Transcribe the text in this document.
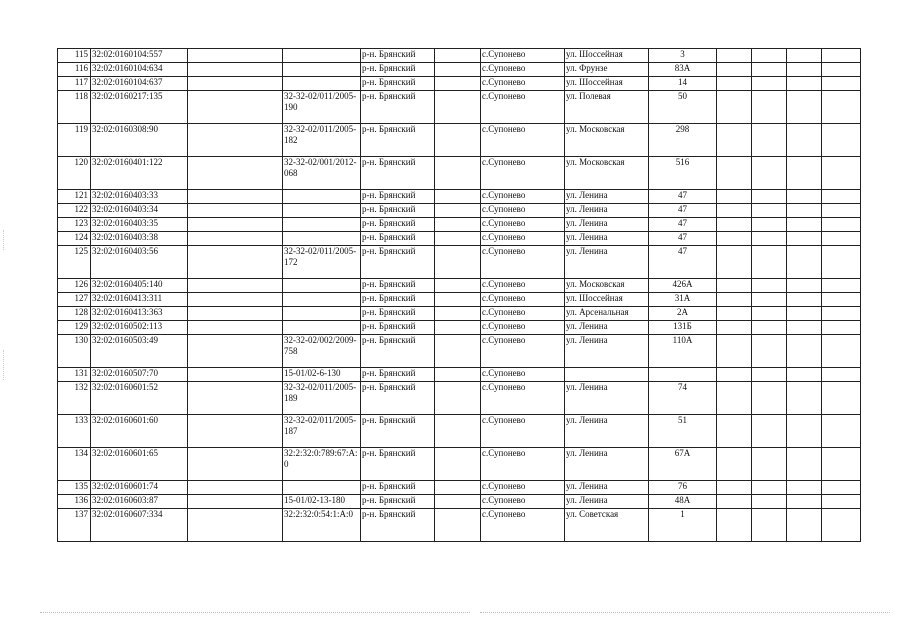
115	32:02:0160104:557			р-н. Брянский		с.Супонево	ул. Шоссейная	3				
116	32:02:0160104:634			р-н. Брянский		с.Супонево	ул. Фрунзе	83А				
117	32:02:0160104:637			р-н. Брянский		с.Супонево	ул. Шоссейная	14				
118	32:02:0160217:135		32-32-02/011/2005-190	р-н. Брянский		с.Супонево	ул. Полевая	50				
119	32:02:0160308:90		32-32-02/011/2005-182	р-н. Брянский		с.Супонево	ул. Московская	298				
120	32:02:0160401:122		32-32-02/001/2012-068	р-н. Брянский		с.Супонево	ул. Московская	516				
121	32:02:0160403:33			р-н. Брянский		с.Супонево	ул. Ленина	47				
122	32:02:0160403:34			р-н. Брянский		с.Супонево	ул. Ленина	47				
123	32:02:0160403:35			р-н. Брянский		с.Супонево	ул. Ленина	47				
124	32:02:0160403:38			р-н. Брянский		с.Супонево	ул. Ленина	47				
125	32:02:0160403:56		32-32-02/011/2005-172	р-н. Брянский		с.Супонево	ул. Ленина	47				
126	32:02:0160405:140			р-н. Брянский		с.Супонево	ул. Московская	426А				
127	32:02:0160413:311			р-н. Брянский		с.Супонево	ул. Шоссейная	31А				
128	32:02:0160413:363			р-н. Брянский		с.Супонево	ул. Арсенальная	2А				
129	32:02:0160502:113			р-н. Брянский		с.Супонево	ул. Ленина	131Б				
130	32:02:0160503:49		32-32-02/002/2009-758	р-н. Брянский		с.Супонево	ул. Ленина	110А				
131	32:02:0160507:70		15-01/02-6-130	р-н. Брянский		с.Супонево						
132	32:02:0160601:52		32-32-02/011/2005-189	р-н. Брянский		с.Супонево	ул. Ленина	74				
133	32:02:0160601:60		32-32-02/011/2005-187	р-н. Брянский		с.Супонево	ул. Ленина	51				
134	32:02:0160601:65		32:2:32:0:789:67:А:0	р-н. Брянский		с.Супонево	ул. Ленина	67А				
135	32:02:0160601:74			р-н. Брянский		с.Супонево	ул. Ленина	76				
136	32:02:0160603:87		15-01/02-13-180	р-н. Брянский		с.Супонево	ул. Ленина	48А				
137	32:02:0160607:334		32:2:32:0:54:1:А:0	р-н. Брянский		с.Супонево	ул. Советская	1				
